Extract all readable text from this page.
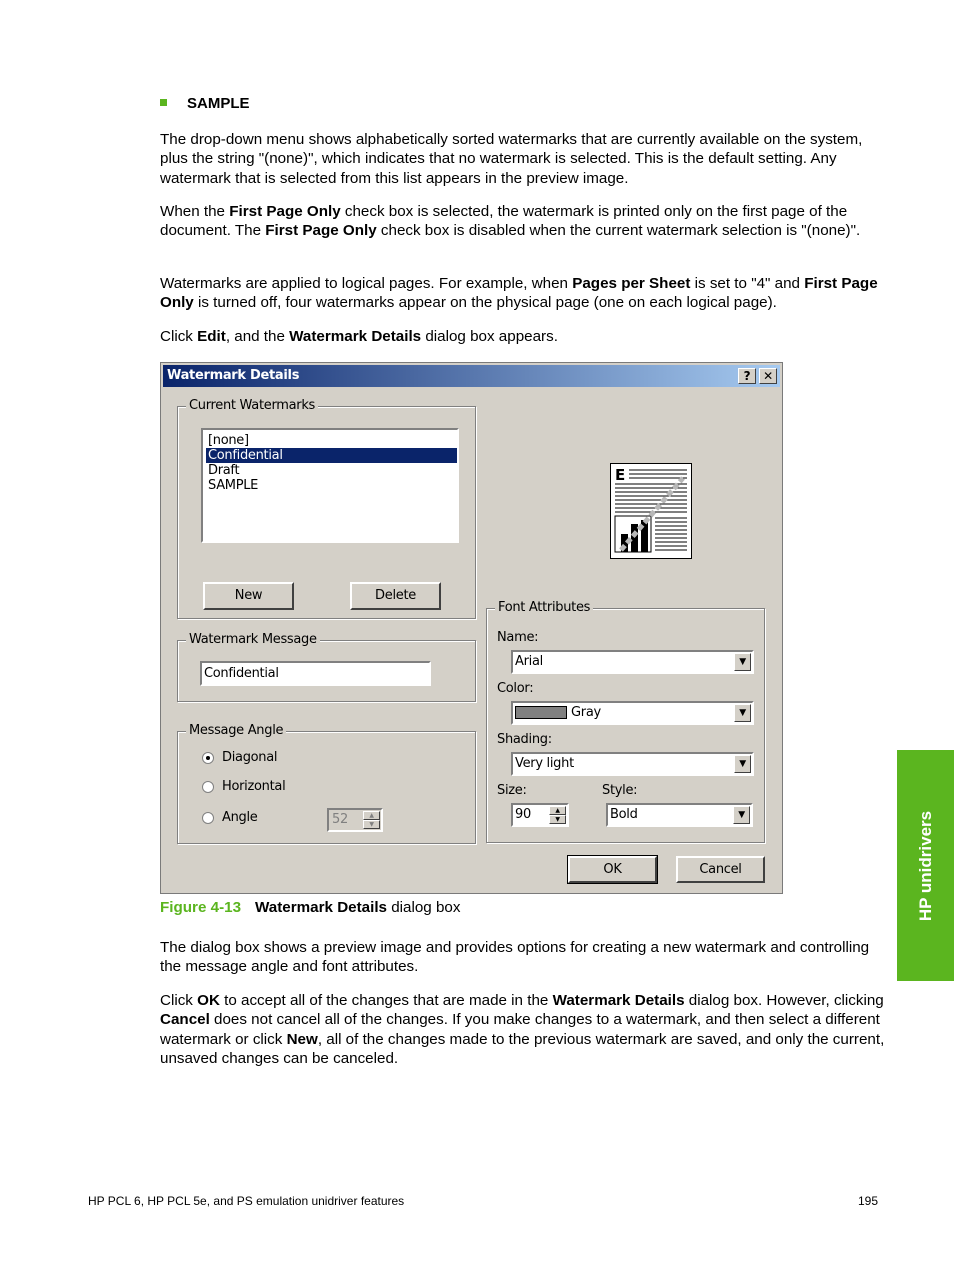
SAMPLE

The drop-down menu shows alphabetically sorted watermarks that are currently available on the system, plus the string "(none)", which indicates that no watermark is selected. This is the default setting. Any watermark that is selected from this list appears in the preview image.

When the First Page Only check box is selected, the watermark is printed only on the first page of the document. The First Page Only check box is disabled when the current watermark selection is "(none)".

Watermarks are applied to logical pages. For example, when Pages per Sheet is set to "4" and First Page Only is turned off, four watermarks appear on the physical page (one on each logical page).

Click Edit, and the Watermark Details dialog box appears.

Watermark Details	?	✕
Current Watermarks
[none]
Confidential
Draft
SAMPLE
New	Delete
Watermark Message
Confidential
Message Angle
Diagonal
Horizontal
Angle	52	▲
▼
E
Font Attributes
Name:
Arial	▼
Color:
Gray	▼
Shading:
Very light	▼
Size:
90	▲
▼
Style:
Bold	▼
OK	Cancel
Figure 4-13 Watermark Details dialog box

The dialog box shows a preview image and provides options for creating a new watermark and controlling the message angle and font attributes.

Click OK to accept all of the changes that are made in the Watermark Details dialog box. However, clicking Cancel does not cancel all of the changes. If you make changes to a watermark, and then select a different watermark or click New, all of the changes made to the previous watermark are saved, and only the current, unsaved changes can be canceled.

HP unidrivers
HP PCL 6, HP PCL 5e, and PS emulation unidriver features	195
